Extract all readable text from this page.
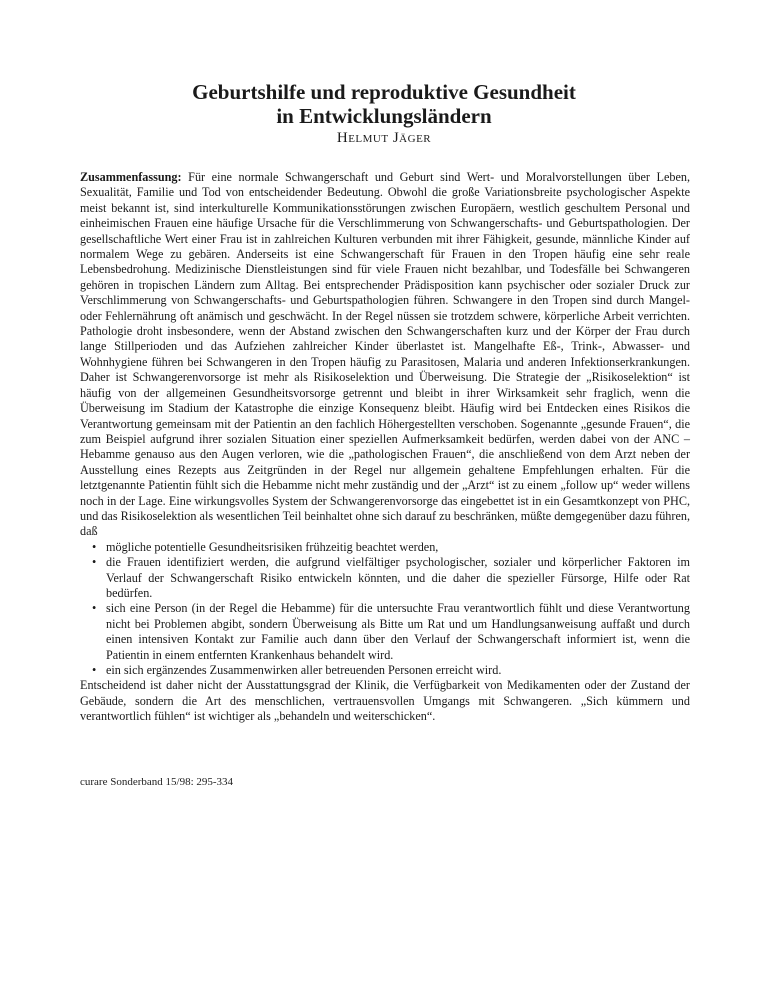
Geburtshilfe und reproduktive Gesundheit

in Entwicklungsländern

Helmut Jäger

Zusammenfassung: Für eine normale Schwangerschaft und Geburt sind Wert- und Moralvorstellungen über Leben, Sexualität, Familie und Tod von entscheidender Bedeutung. Obwohl die große Variationsbreite psychologischer Aspekte meist bekannt ist, sind interkulturelle Kommunikationsstörungen zwischen Europäern, westlich geschultem Personal und einheimischen Frauen eine häufige Ursache für die Verschlimmerung von Schwangerschafts- und Geburtspathologien. Der gesellschaftliche Wert einer Frau ist in zahlreichen Kulturen verbunden mit ihrer Fähigkeit, gesunde, männliche Kinder auf normalem Wege zu gebären. Anderseits ist eine Schwangerschaft für Frauen in den Tropen häufig eine sehr reale Lebensbedrohung. Medizinische Dienstleistungen sind für viele Frauen nicht bezahlbar, und Todesfälle bei Schwangeren gehören in tropischen Ländern zum Alltag. Bei entsprechender Prädisposition kann psychischer oder sozialer Druck zur Verschlimmerung von Schwangerschafts- und Geburtspathologien führen. Schwangere in den Tropen sind durch Mangel- oder Fehlernährung oft anämisch und geschwächt. In der Regel nüssen sie trotzdem schwere, körperliche Arbeit verrichten. Pathologie droht insbesondere, wenn der Abstand zwischen den Schwangerschaften kurz und der Körper der Frau durch lange Stillperioden und das Aufziehen zahlreicher Kinder überlastet ist. Mangelhafte Eß-, Trink-, Abwasser- und Wohnhygiene führen bei Schwangeren in den Tropen häufig zu Parasitosen, Malaria und anderen Infektionserkrankungen. Daher ist Schwangerenvorsorge ist mehr als Risikoselektion und Überweisung. Die Strategie der „Risikoselektion“ ist häufig von der allgemeinen Gesundheitsvorsorge getrennt und bleibt in ihrer Wirksamkeit sehr fraglich, wenn die Überweisung im Stadium der Katastrophe die einzige Konsequenz bleibt. Häufig wird bei Entdecken eines Risikos die Verantwortung gemeinsam mit der Patientin an den fachlich Höhergestellten verschoben. Sogenannte „gesunde Frauen“, die zum Beispiel aufgrund ihrer sozialen Situation einer speziellen Aufmerksamkeit bedürfen, werden dabei von der ANC – Hebamme genauso aus den Augen verloren, wie die „pathologischen Frauen“, die anschließend von dem Arzt neben der Ausstellung eines Rezepts aus Zeitgründen in der Regel nur allgemein gehaltene Empfehlungen erhalten. Für die letztgenannte Patientin fühlt sich die Hebamme nicht mehr zuständig und der „Arzt“ ist zu einem „follow up“ weder willens noch in der Lage. Eine wirkungsvolles System der Schwangerenvorsorge das eingebettet ist in ein Gesamtkonzept von PHC, und das Risikoselektion als wesentlichen Teil beinhaltet ohne sich darauf zu beschränken, müßte demgegenüber dazu führen, daß

• mögliche potentielle Gesundheitsrisiken frühzeitig beachtet werden,
• die Frauen identifiziert werden, die aufgrund vielfältiger psychologischer, sozialer und körperlicher Faktoren im Verlauf der Schwangerschaft Risiko entwickeln könnten, und die daher die spezieller Fürsorge, Hilfe oder Rat bedürfen.
• sich eine Person (in der Regel die Hebamme) für die untersuchte Frau verantwortlich fühlt und diese Verantwortung nicht bei Problemen abgibt, sondern Überweisung als Bitte um Rat und um Handlungsanweisung auffaßt und durch einen intensiven Kontakt zur Familie auch dann über den Verlauf der Schwangerschaft informiert ist, wenn die Patientin in einem entfernten Krankenhaus behandelt wird.
• ein sich ergänzendes Zusammenwirken aller betreuenden Personen erreicht wird.

Entscheidend ist daher nicht der Ausstattungsgrad der Klinik, die Verfügbarkeit von Medikamenten oder der Zustand der Gebäude, sondern die Art des menschlichen, vertrauensvollen Umgangs mit Schwangeren. „Sich kümmern und verantwortlich fühlen“ ist wichtiger als „behandeln und weiterschicken“.

curare Sonderband 15/98: 295-334
